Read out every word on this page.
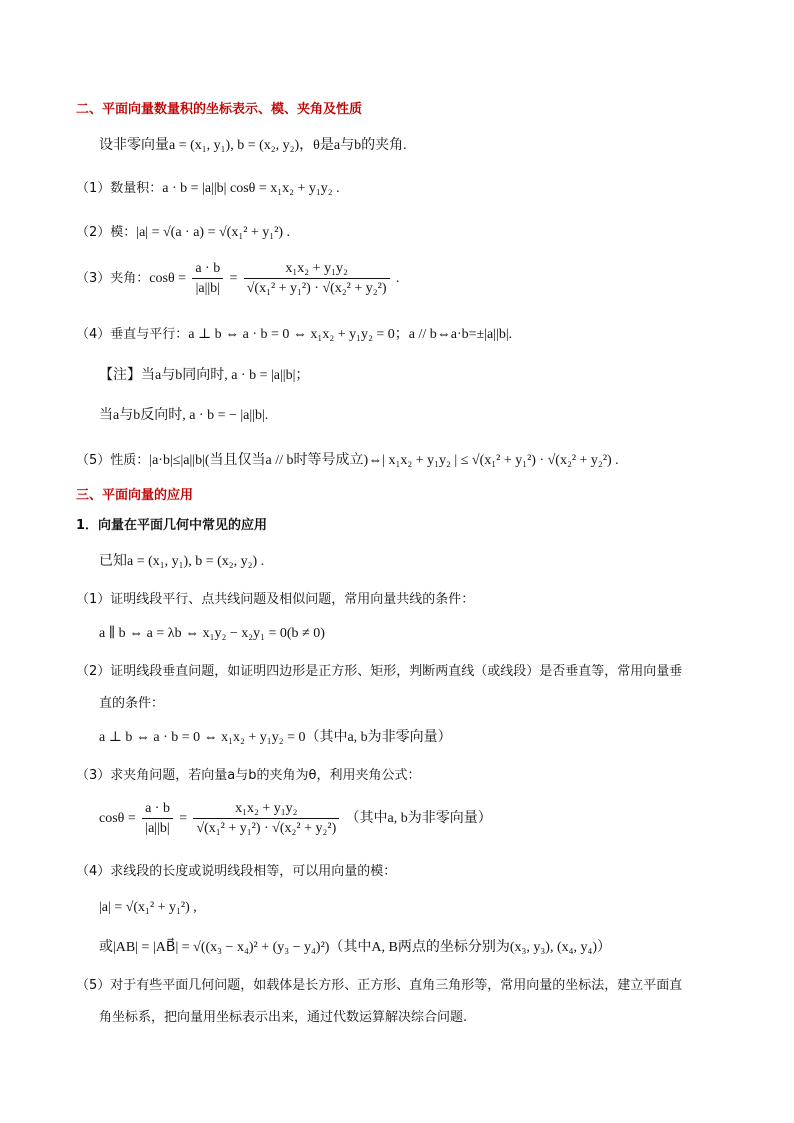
二、平面向量数量积的坐标表示、模、夹角及性质
设非零向量a = (x₁, y₁), b = (x₂, y₂)，θ是a与b的夹角.
（1）数量积：a · b = |a||b| cosθ = x₁x₂ + y₁y₂ .
（2）模：|a| = √(a · a) = √(x₁² + y₁²) .
（3）夹角：$\cos\theta = \frac{a \cdot b}{|a||b|} = \frac{\text{x₁x₂ + y₁y₂}}{\text{√(x₁² + y₁²) · √(x₂² + y₂²)}}$ .
（4）垂直与平行：a ⊥ b ⇔ a · b = 0 ⇔ x₁x₂ + y₁y₂ = 0；a // b⇔a·b=±|a||b|.
【注】当a与b同向时, a · b = |a||b|；
当a与b反向时, a · b = − |a||b|.
（5）性质：|a·b|≤|a||b|(当且仅当a // b时等号成立)⇔| x₁x₂ + y₁y₂ | ≤ √(x₁² + y₁²) · √(x₂² + y₂²) .
三、平面向量的应用
1．向量在平面几何中常见的应用
已知a = (x₁, y₁), b = (x₂, y₂) .
（1）证明线段平行、点共线问题及相似问题，常用向量共线的条件：
a ∥ b ⇔ a = λb ⇔ x₁y₂ − x₂y₁ = 0(b ≠ 0)
（2）证明线段垂直问题，如证明四边形是正方形、矩形，判断两直线（或线段）是否垂直等，常用向量垂
直的条件：
a ⊥ b ⇔ a · b = 0 ⇔ x₁x₂ + y₁y₂ = 0（其中a, b为非零向量）
（3）求夹角问题，若向量a与b的夹角为θ，利用夹角公式：
$\cos\theta = \frac{a \cdot b}{|a||b|} = \frac{\text{x₁x₂ + y₁y₂}}{\text{√(x₁² + y₁²) · √(x₂² + y₂²)}}$ （其中a, b为非零向量）
（4）求线段的长度或说明线段相等，可以用向量的模：
|a| = √(x₁² + y₁²) ,
或|AB| = |AB⃗| = √((x₃ − x₄)² + (y₃ − y₄)²)（其中A, B两点的坐标分别为(x₃, y₃), (x₄, y₄)）
（5）对于有些平面几何问题，如载体是长方形、正方形、直角三角形等，常用向量的坐标法，建立平面直
角坐标系，把向量用坐标表示出来，通过代数运算解决综合问题.
